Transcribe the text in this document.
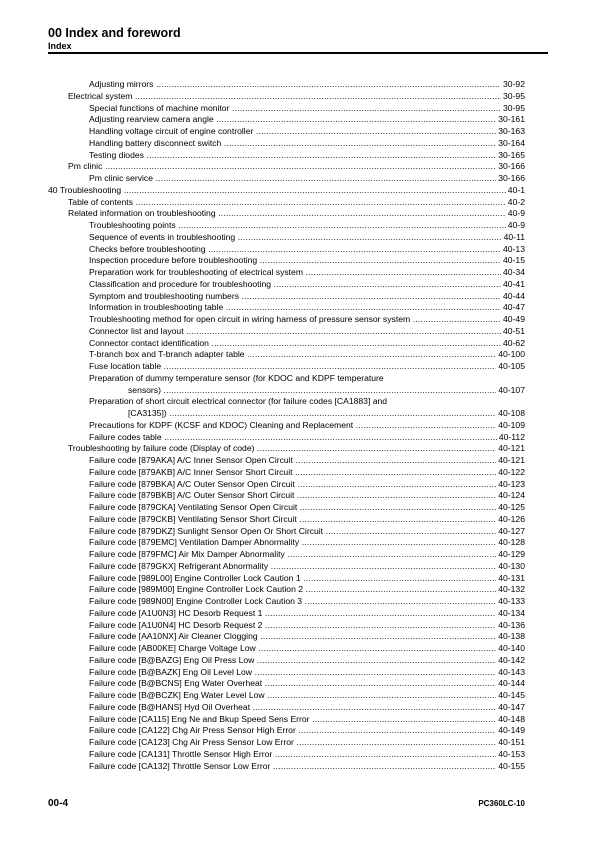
00 Index and foreword
Index
Adjusting mirrors .....	30-92
Electrical system .....	30-95
Special functions of machine monitor .....	30-95
Adjusting rearview camera angle .....	30-161
Handling voltage circuit of engine controller .....	30-163
Handling battery disconnect switch .....	30-164
Testing diodes .....	30-165
Pm clinic .....	30-166
Pm clinic service .....	30-166
40 Troubleshooting .....	40-1
Table of contents .....	40-2
Related information on troubleshooting .....	40-9
Troubleshooting points .....	40-9
Sequence of events in troubleshooting .....	40-11
Checks before troubleshooting .....	40-13
Inspection procedure before troubleshooting .....	40-15
Preparation work for troubleshooting of electrical system .....	40-34
Classification and procedure for troubleshooting .....	40-41
Symptom and troubleshooting numbers .....	40-44
Information in troubleshooting table .....	40-47
Troubleshooting method for open circuit in wiring harness of pressure sensor system .....	40-49
Connector list and layout .....	40-51
Connector contact identification .....	40-62
T-branch box and T-branch adapter table .....	40-100
Fuse location table .....	40-105
Preparation of dummy temperature sensor (for KDOC and KDPF temperature
sensors) .....	40-107
Preparation of short circuit electrical connector (for failure codes [CA1883] and
[CA3135]) .....	40-108
Precautions for KDPF (KCSF and KDOC) Cleaning and Replacement .....	40-109
Failure codes table .....	40-112
Troubleshooting by failure code (Display of code) .....	40-121
Failure code [879AKA] A/C Inner Sensor Open Circuit .....	40-121
Failure code [879AKB] A/C Inner Sensor Short Circuit .....	40-122
Failure code [879BKA] A/C Outer Sensor Open Circuit .....	40-123
Failure code [879BKB] A/C Outer Sensor Short Circuit .....	40-124
Failure code [879CKA] Ventilating Sensor Open Circuit .....	40-125
Failure code [879CKB] Ventilating Sensor Short Circuit .....	40-126
Failure code [879DKZ] Sunlight Sensor Open Or Short Circuit .....	40-127
Failure code [879EMC] Ventilation Damper Abnormality .....	40-128
Failure code [879FMC] Air Mix Damper Abnormality .....	40-129
Failure code [879GKX] Refrigerant Abnormality .....	40-130
Failure code [989L00] Engine Controller Lock Caution 1 .....	40-131
Failure code [989M00] Engine Controller Lock Caution 2 .....	40-132
Failure code [989N00] Engine Controller Lock Caution 3 .....	40-133
Failure code [A1U0N3] HC Desorb Request 1 .....	40-134
Failure code [A1U0N4] HC Desorb Request 2 .....	40-136
Failure code [AA10NX] Air Cleaner Clogging .....	40-138
Failure code [AB00KE] Charge Voltage Low .....	40-140
Failure code [B@BAZG] Eng Oil Press Low .....	40-142
Failure code [B@BAZK] Eng Oil Level Low .....	40-143
Failure code [B@BCNS] Eng Water Overheat .....	40-144
Failure code [B@BCZK] Eng Water Level Low .....	40-145
Failure code [B@HANS] Hyd Oil Overheat .....	40-147
Failure code [CA115] Eng Ne and Bkup Speed Sens Error .....	40-148
Failure code [CA122] Chg Air Press Sensor High Error .....	40-149
Failure code [CA123] Chg Air Press Sensor Low Error .....	40-151
Failure code [CA131] Throttle Sensor High Error .....	40-153
Failure code [CA132] Throttle Sensor Low Error .....	40-155
00-4	PC360LC-10
